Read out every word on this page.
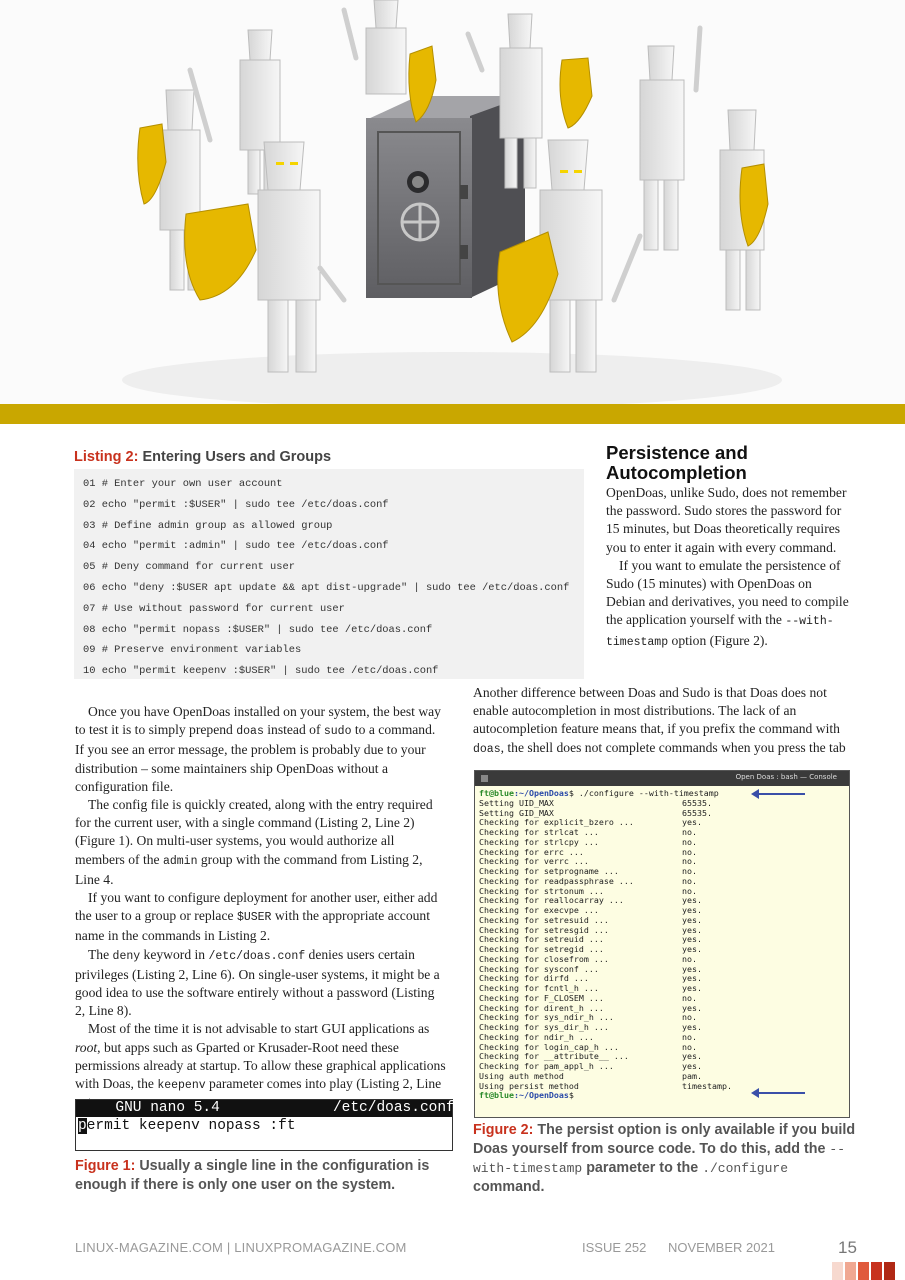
Listing 2: Entering Users and Groups
01 # Enter your own user account
02 echo "permit :$USER" | sudo tee /etc/doas.conf
03 # Define admin group as allowed group
04 echo "permit :admin" | sudo tee /etc/doas.conf
05 # Deny command for current user
06 echo "deny :$USER apt update && apt dist-upgrade" | sudo tee /etc/doas.conf
07 # Use without password for current user
08 echo "permit nopass :$USER" | sudo tee /etc/doas.conf
09 # Preserve environment variables
10 echo "permit keepenv :$USER" | sudo tee /etc/doas.conf
Persistence and Autocompletion

OpenDoas, unlike Sudo, does not remember the password. Sudo stores the password for 15 minutes, but Doas theoretically requires you to enter it again with every command.

If you want to emulate the persistence of Sudo (15 minutes) with OpenDoas on Debian and derivatives, you need to compile the application yourself with the --with-timestamp option (Figure 2).

Another difference between Doas and Sudo is that Doas does not enable autocompletion in most distributions. The lack of an autocompletion feature means that, if you prefix the command with doas, the shell does not complete commands when you press the tab

Once you have OpenDoas installed on your system, the best way to test it is to simply prepend doas instead of sudo to a command. If you see an error message, the problem is probably due to your distribution – some maintainers ship OpenDoas without a configuration file.

The config file is quickly created, along with the entry required for the current user, with a single command (Listing 2, Line 2) (Figure 1). On multi-user systems, you would authorize all members of the admin group with the command from Listing 2, Line 4.

If you want to configure deployment for another user, either add the user to a group or replace $USER with the appropriate account name in the commands in Listing 2.

The deny keyword in /etc/doas.conf denies users certain privileges (Listing 2, Line 6). On single-user systems, it might be a good idea to use the software entirely without a password (Listing 2, Line 8).

Most of the time it is not advisable to start GUI applications as root, but apps such as Gparted or Krusader-Root need these permissions already at startup. To allow these graphical applications with Doas, the keepenv parameter comes into play (Listing 2, Line

GNU nano 5.4             /etc/doas.conf
permit keepenv nopass :ft
Figure 1: Usually a single line in the configuration is enough if there is only one user on the system.
Open Doas : bash — Console
ft@blue :~/OpenDoas $ ./configure --with-timestamp
Setting UID_MAX	65535.
Setting GID_MAX	65535.
Checking for explicit_bzero ...	yes.
Checking for strlcat ...	no.
Checking for strlcpy ...	no.
Checking for errc ...	no.
Checking for verrc ...	no.
Checking for setprogname ...	no.
Checking for readpassphrase ...	no.
Checking for strtonum ...	no.
Checking for reallocarray ...	yes.
Checking for execvpe ...	yes.
Checking for setresuid ...	yes.
Checking for setresgid ...	yes.
Checking for setreuid ...	yes.
Checking for setregid ...	yes.
Checking for closefrom ...	no.
Checking for sysconf ...	yes.
Checking for dirfd ...	yes.
Checking for fcntl_h ...	yes.
Checking for F_CLOSEM ...	no.
Checking for dirent_h ...	yes.
Checking for sys_ndir_h ...	no.
Checking for sys_dir_h ...	yes.
Checking for ndir_h ...	no.
Checking for login_cap_h ...	no.
Checking for __attribute__ ...	yes.
Checking for pam_appl_h ...	yes.
Using auth method	pam.
Using persist method	timestamp.
ft@blue :~/OpenDoas $
Figure 2: The persist option is only available if you build Doas yourself from source code. To do this, add the --with-timestamp parameter to the ./configure command.
LINUX-MAGAZINE.COM | LINUXPROMAGAZINE.COM	ISSUE 252      NOVEMBER 2021	15
